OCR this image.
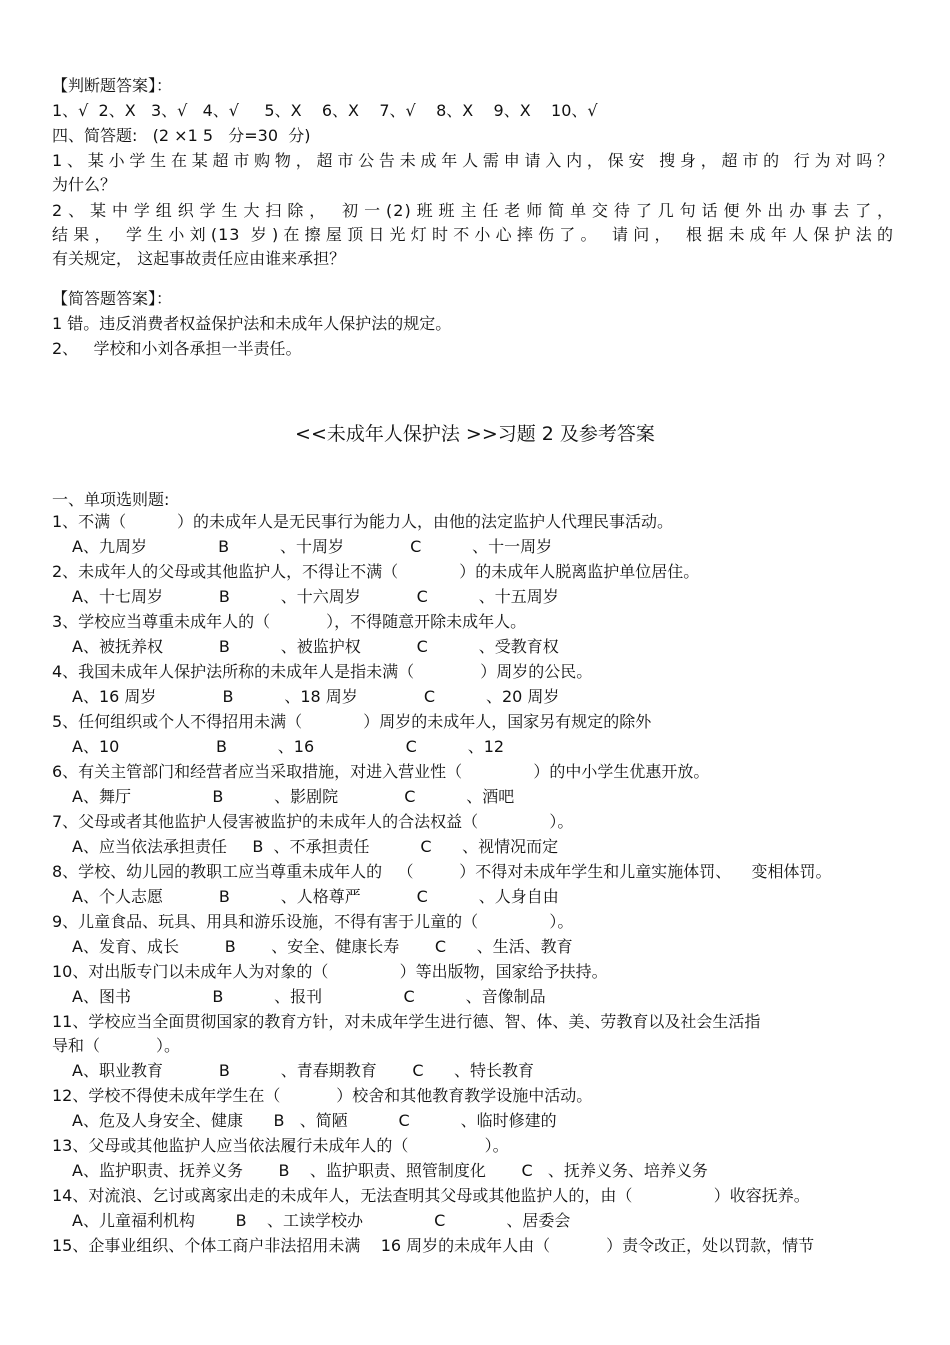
【判断题答案】：
1、√  2、X   3、√   4、√     5、X    6、X    7、√    8、X    9、X    10、√
四、简答题:   (2 ×1 5   分=30  分)
1、某小学生在某超市购物，超市公告未成年人需申请入内，保安 搜身，超市的 行为对吗？
为什么？
2、某中学组织学生大扫除， 初一(2)班班主任老师简单交待了几句话便外出办事去了，
结果， 学生小刘(13 岁)在擦屋顶日光灯时不小心摔伤了。 请问， 根据未成年人保护法的
有关规定， 这起事故责任应由谁来承担？
【简答题答案】：
1 错。违反消费者权益保护法和未成年人保护法的规定。
2、   学校和小刘各承担一半责任。
<<未成年人保护法 >>习题 2 及参考答案
一、单项选则题:
1、不满（          ）的未成年人是无民事行为能力人，由他的法定监护人代理民事活动。
A、九周岁              B          、十周岁             C          、十一周岁
2、未成年人的父母或其他监护人，不得让不满（            ）的未成年人脱离监护单位居住。
A、十七周岁           B          、十六周岁           C          、十五周岁
3、学校应当尊重未成年人的（           ），不得随意开除未成年人。
A、被抚养权           B          、被监护权           C          、受教育权
4、我国未成年人保护法所称的未成年人是指未满（             ）周岁的公民。
A、16 周岁             B          、18 周岁             C          、20 周岁
5、任何组织或个人不得招用未满（            ）周岁的未成年人，国家另有规定的除外
A、10                   B          、16                  C          、12
6、有关主管部门和经营者应当采取措施，对进入营业性（              ）的中小学生优惠开放。
A、舞厅                B          、影剧院             C          、酒吧
7、父母或者其他监护人侵害被监护的未成年人的合法权益（              ）。
A、应当依法承担责任     B  、不承担责任          C      、视情况而定
8、学校、幼儿园的教职工应当尊重未成年人的   （         ）不得对未成年学生和儿童实施体罚、    变相体罚。
A、个人志愿           B          、人格尊严           C          、人身自由
9、儿童食品、玩具、用具和游乐设施，不得有害于儿童的（              ）。
A、发育、成长         B       、安全、健康长寿       C      、生活、教育
10、对出版专门以未成年人为对象的（              ）等出版物，国家给予扶持。
A、图书                B          、报刊                C          、音像制品
11、学校应当全面贯彻国家的教育方针，对未成年学生进行德、智、体、美、劳教育以及社会生活指
导和（           ）。
A、职业教育           B          、青春期教育       C      、特长教育
12、学校不得使未成年学生在（           ）校舍和其他教育教学设施中活动。
A、危及人身安全、健康      B   、简陋          C          、临时修建的
13、父母或其他监护人应当依法履行未成年人的（               ）。
A、监护职责、抚养义务       B    、监护职责、照管制度化       C   、抚养义务、培养义务
14、对流浪、乞讨或离家出走的未成年人，无法查明其父母或其他监护人的，由（                ）收容抚养。
A、儿童福利机构        B    、工读学校办              C            、居委会
15、企事业组织、个体工商户非法招用未满    16 周岁的未成年人由（           ）责令改正，处以罚款，情节
